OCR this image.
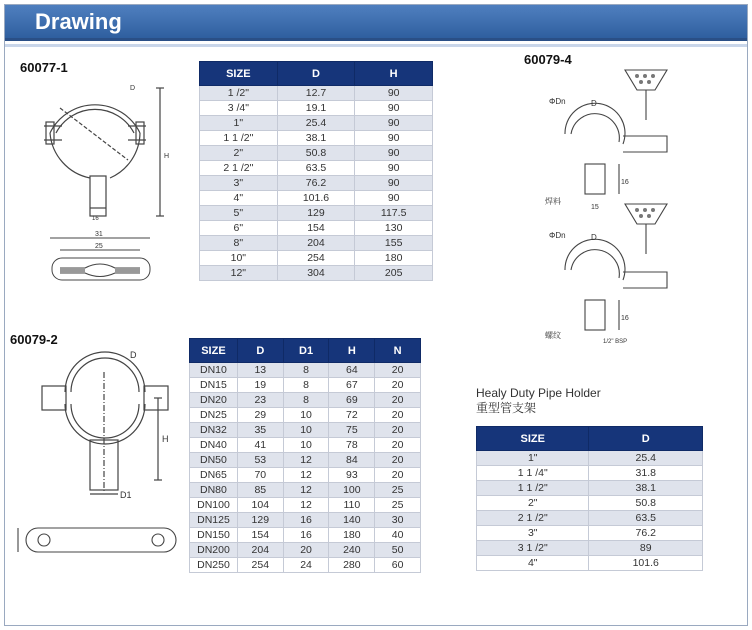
Drawing
60077-1
60079-2
60079-4
D
H
16
31
25
D
H
D1
ΦDn	D
16
焊料
15
ΦDn	D
16
螺纹
1/2" BSP
SIZE	D	H
1 /2"	12.7	90
3 /4"	19.1	90
1"	25.4	90
1 1 /2"	38.1	90
2"	50.8	90
2 1 /2"	63.5	90
3"	76.2	90
4"	101.6	90
5"	129	117.5
6"	154	130
8"	204	155
10"	254	180
12"	304	205
SIZE	D	D1	H	N
DN10	13	8	64	20
DN15	19	8	67	20
DN20	23	8	69	20
DN25	29	10	72	20
DN32	35	10	75	20
DN40	41	10	78	20
DN50	53	12	84	20
DN65	70	12	93	20
DN80	85	12	100	25
DN100	104	12	110	25
DN125	129	16	140	30
DN150	154	16	180	40
DN200	204	20	240	50
DN250	254	24	280	60
Healy Duty Pipe Holder
重型管支架
SIZE	D
1"	25.4
1 1 /4"	31.8
1 1 /2"	38.1
2"	50.8
2 1 /2"	63.5
3"	76.2
3 1 /2"	89
4"	101.6
